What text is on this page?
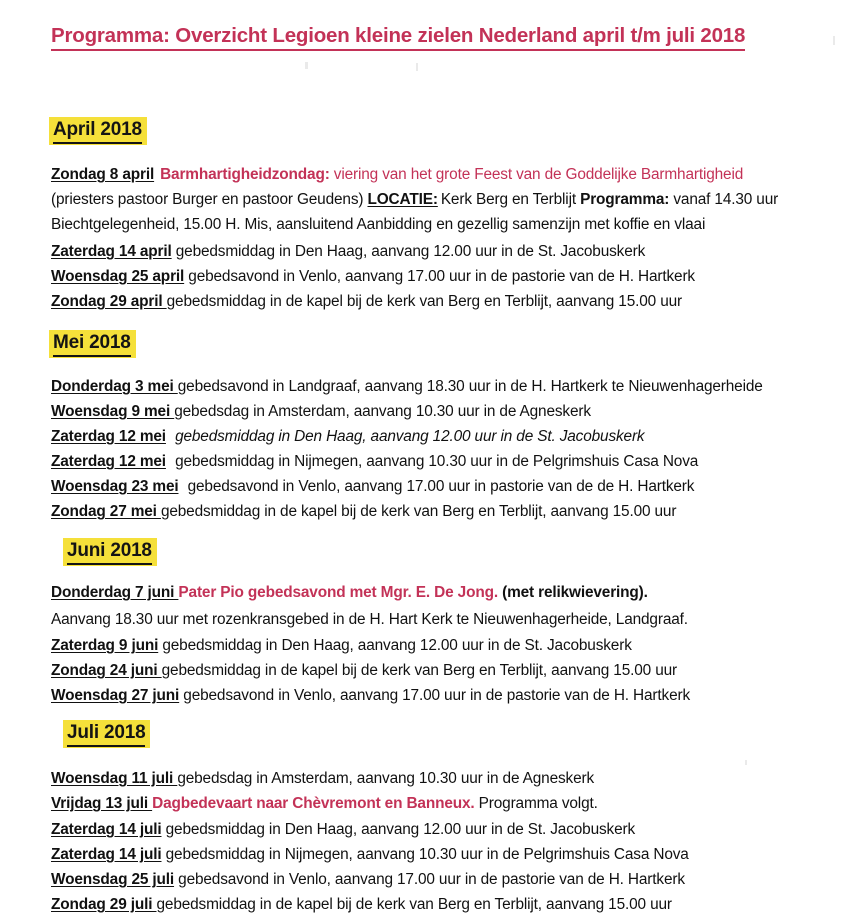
Programma: Overzicht Legioen kleine zielen Nederland april t/m juli 2018
April 2018
Zondag 8 april Barmhartigheidzondag: viering van het grote Feest van de Goddelijke Barmhartigheid
(priesters pastoor Burger en pastoor Geudens) LOCATIE: Kerk Berg en Terblijt Programma: vanaf 14.30 uur
Biechtgelegenheid, 15.00 H. Mis, aansluitend Aanbidding en gezellig samenzijn met koffie en vlaai
Zaterdag 14 april gebedsmiddag in Den Haag, aanvang 12.00 uur in de St. Jacobuskerk
Woensdag 25 april gebedsavond in Venlo, aanvang 17.00 uur in de pastorie van de H. Hartkerk
Zondag 29 april gebedsmiddag in de kapel bij de kerk van Berg en Terblijt, aanvang 15.00 uur
Mei 2018
Donderdag 3 mei gebedsavond in Landgraaf, aanvang 18.30 uur in de H. Hartkerk te Nieuwenhagerheide
Woensdag 9 mei gebedsdag in Amsterdam, aanvang 10.30 uur in de Agneskerk
Zaterdag 12 mei gebedsmiddag in Den Haag, aanvang 12.00 uur in de St. Jacobuskerk
Zaterdag 12 mei gebedsmiddag in Nijmegen, aanvang 10.30 uur in de Pelgrimshuis Casa Nova
Woensdag 23 mei gebedsavond in Venlo, aanvang 17.00 uur in pastorie van de de H. Hartkerk
Zondag 27 mei gebedsmiddag in de kapel bij de kerk van Berg en Terblijt, aanvang 15.00 uur
Juni 2018
Donderdag 7 juni Pater Pio gebedsavond met Mgr. E. De Jong. (met relikwievering).
Aanvang 18.30 uur met rozenkransgebed in de H. Hart Kerk te Nieuwenhagerheide, Landgraaf.
Zaterdag 9 juni gebedsmiddag in Den Haag, aanvang 12.00 uur in de St. Jacobuskerk
Zondag 24 juni gebedsmiddag in de kapel bij de kerk van Berg en Terblijt, aanvang 15.00 uur
Woensdag 27 juni gebedsavond in Venlo, aanvang 17.00 uur in de pastorie van de H. Hartkerk
Juli 2018
Woensdag 11 juli gebedsdag in Amsterdam, aanvang 10.30 uur in de Agneskerk
Vrijdag 13 juli Dagbedevaart naar Chèvremont en Banneux. Programma volgt.
Zaterdag 14 juli gebedsmiddag in Den Haag, aanvang 12.00 uur in de St. Jacobuskerk
Zaterdag 14 juli gebedsmiddag in Nijmegen, aanvang 10.30 uur in de Pelgrimshuis Casa Nova
Woensdag 25 juli gebedsavond in Venlo, aanvang 17.00 uur in de pastorie van de H. Hartkerk
Zondag 29 juli gebedsmiddag in de kapel bij de kerk van Berg en Terblijt, aanvang 15.00 uur
